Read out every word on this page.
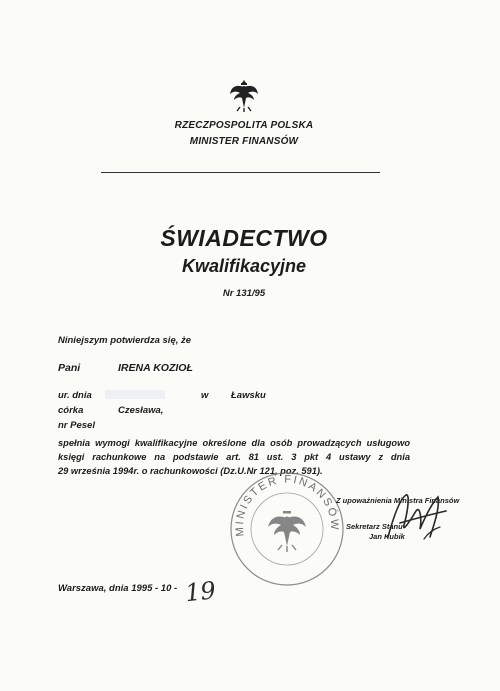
RZECZPOSPOLITA POLSKA
MINISTER FINANSÓW
ŚWIADECTWO
Kwalifikacyjne
Nr 131/95
Niniejszym potwierdza się, że
Pani	IRENA KOZIOŁ
ur. dnia	w Ławsku
córka	Czesława,
nr Pesel
spełnia wymogi kwalifikacyjne określone dla osób prowadzących usługowo
księgi rachunkowe na podstawie art. 81 ust. 3 pkt 4 ustawy z dnia
29 września 1994r. o rachunkowości (Dz.U.Nr 121, poz. 591).
MINISTER FINANSÓW
Z upoważnienia Ministra Finansów
Sekretarz Stanu
Jan Kubik
Warszawa, dnia 1995 - 10 - 19
